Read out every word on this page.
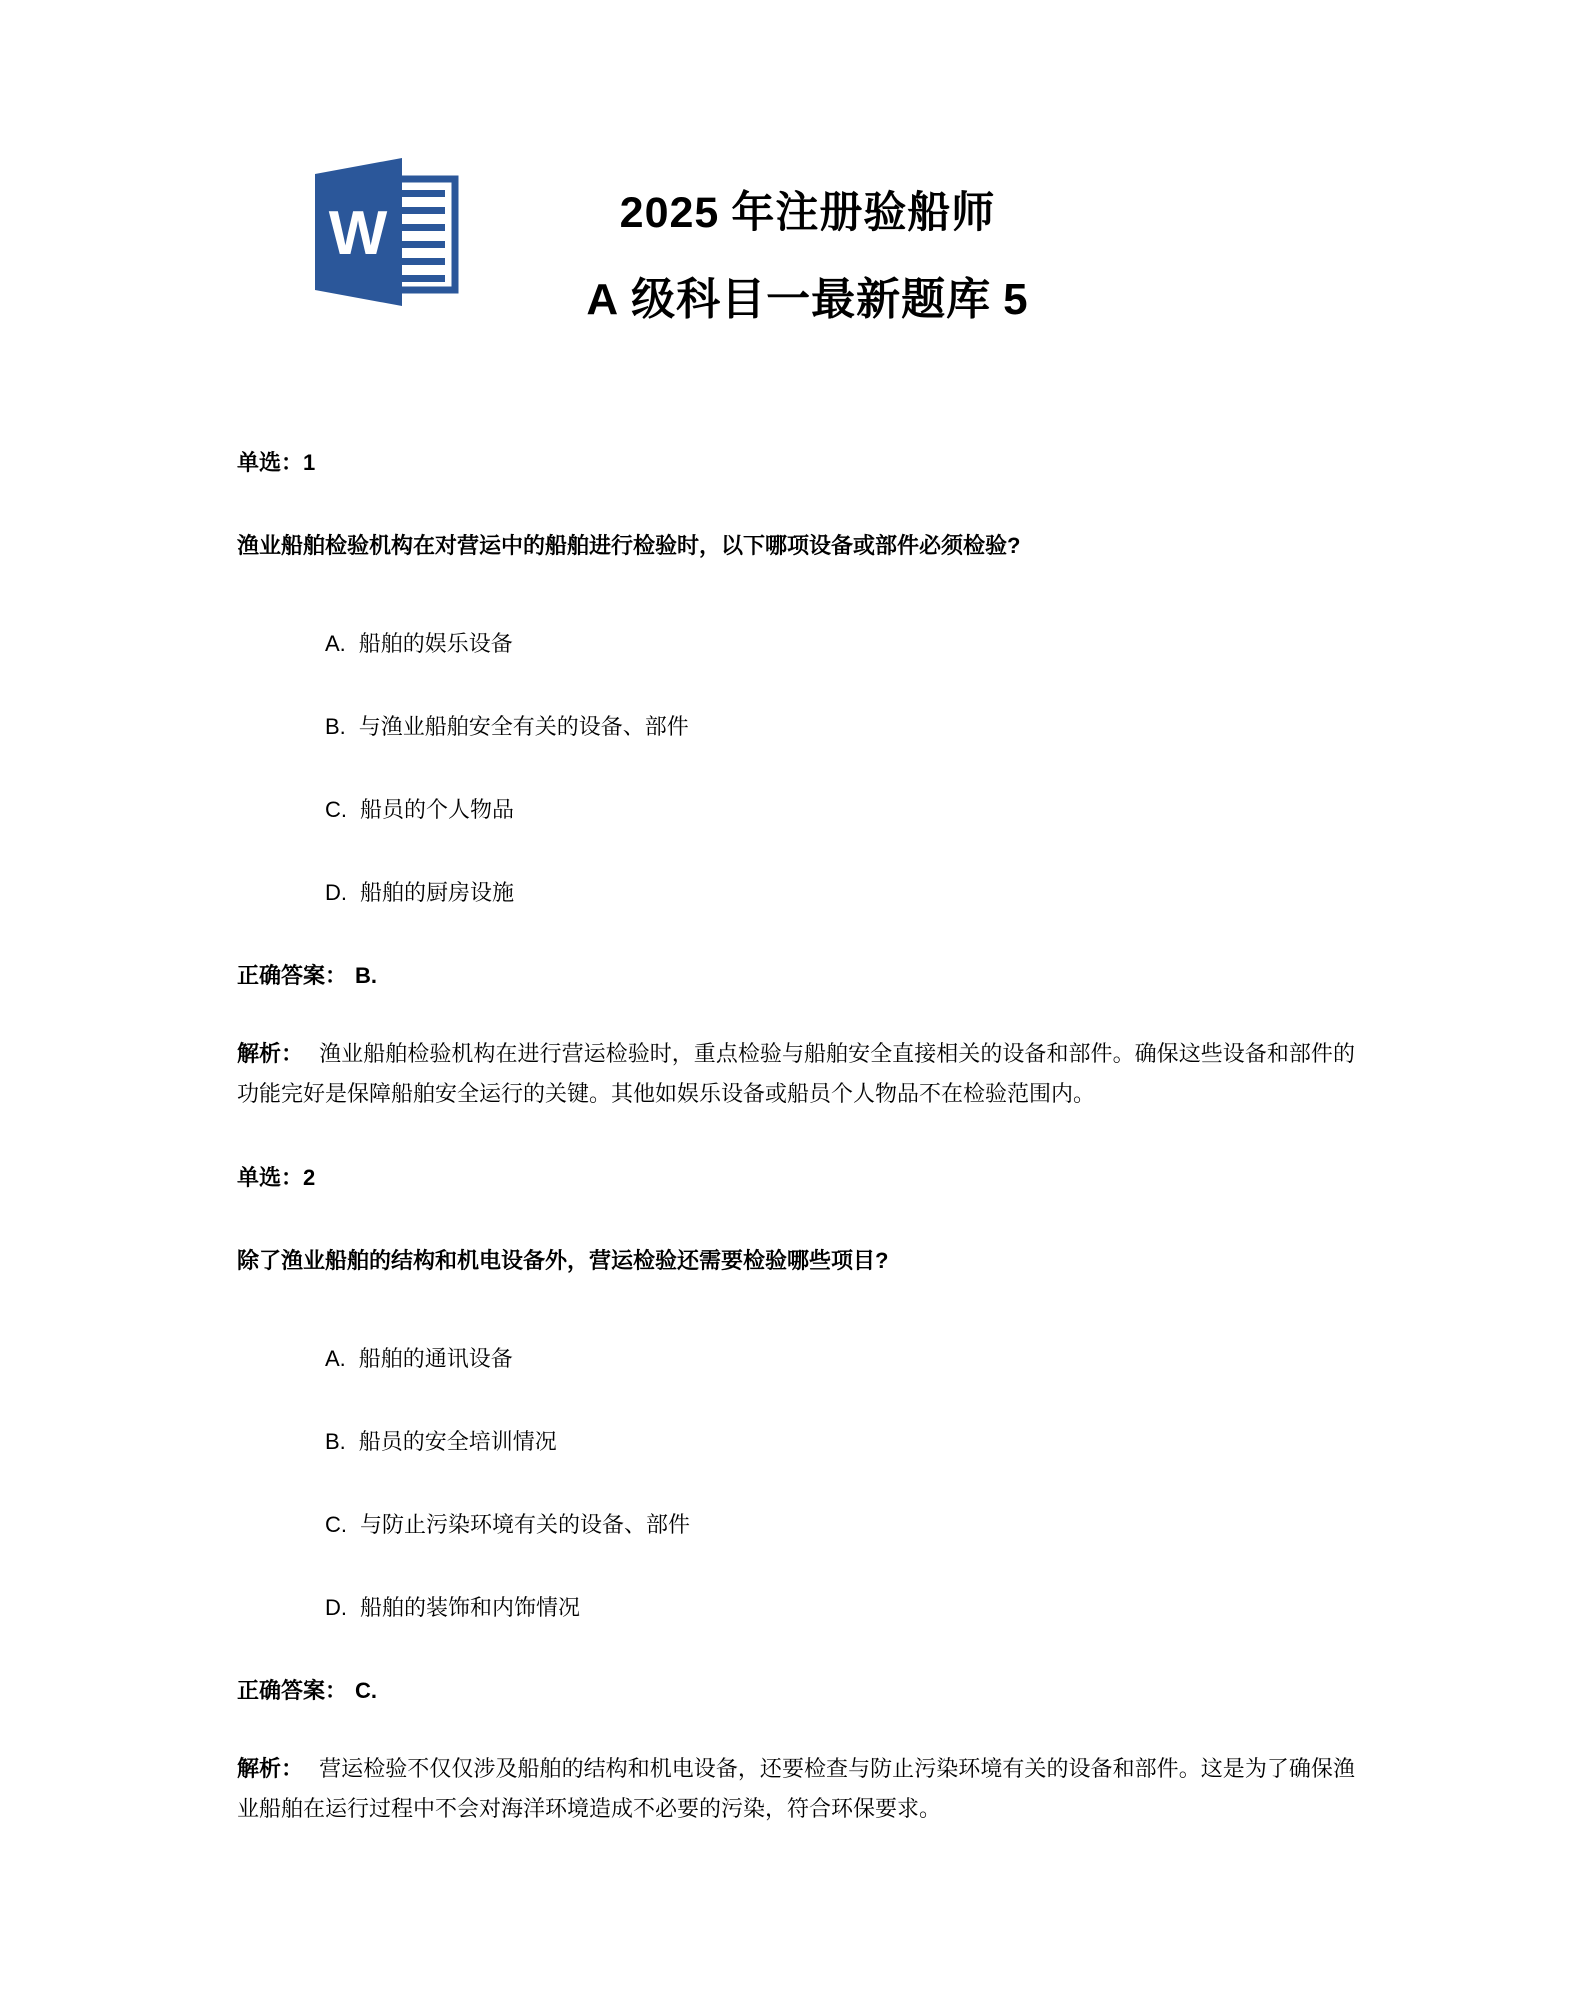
W	2025 年注册验船师
A 级科目一最新题库 5

单选：1

渔业船舶检验机构在对营运中的船舶进行检验时，以下哪项设备或部件必须检验?

A. 船舶的娱乐设备

B. 与渔业船舶安全有关的设备、部件

C. 船员的个人物品

D. 船舶的厨房设施

正确答案： B.

解析： 渔业船舶检验机构在进行营运检验时，重点检验与船舶安全直接相关的设备和部件。确保这些设备和部件的功能完好是保障船舶安全运行的关键。其他如娱乐设备或船员个人物品不在检验范围内。

单选：2

除了渔业船舶的结构和机电设备外，营运检验还需要检验哪些项目?

A. 船舶的通讯设备

B. 船员的安全培训情况

C. 与防止污染环境有关的设备、部件

D. 船舶的装饰和内饰情况

正确答案： C.

解析： 营运检验不仅仅涉及船舶的结构和机电设备，还要检查与防止污染环境有关的设备和部件。这是为了确保渔业船舶在运行过程中不会对海洋环境造成不必要的污染，符合环保要求。
